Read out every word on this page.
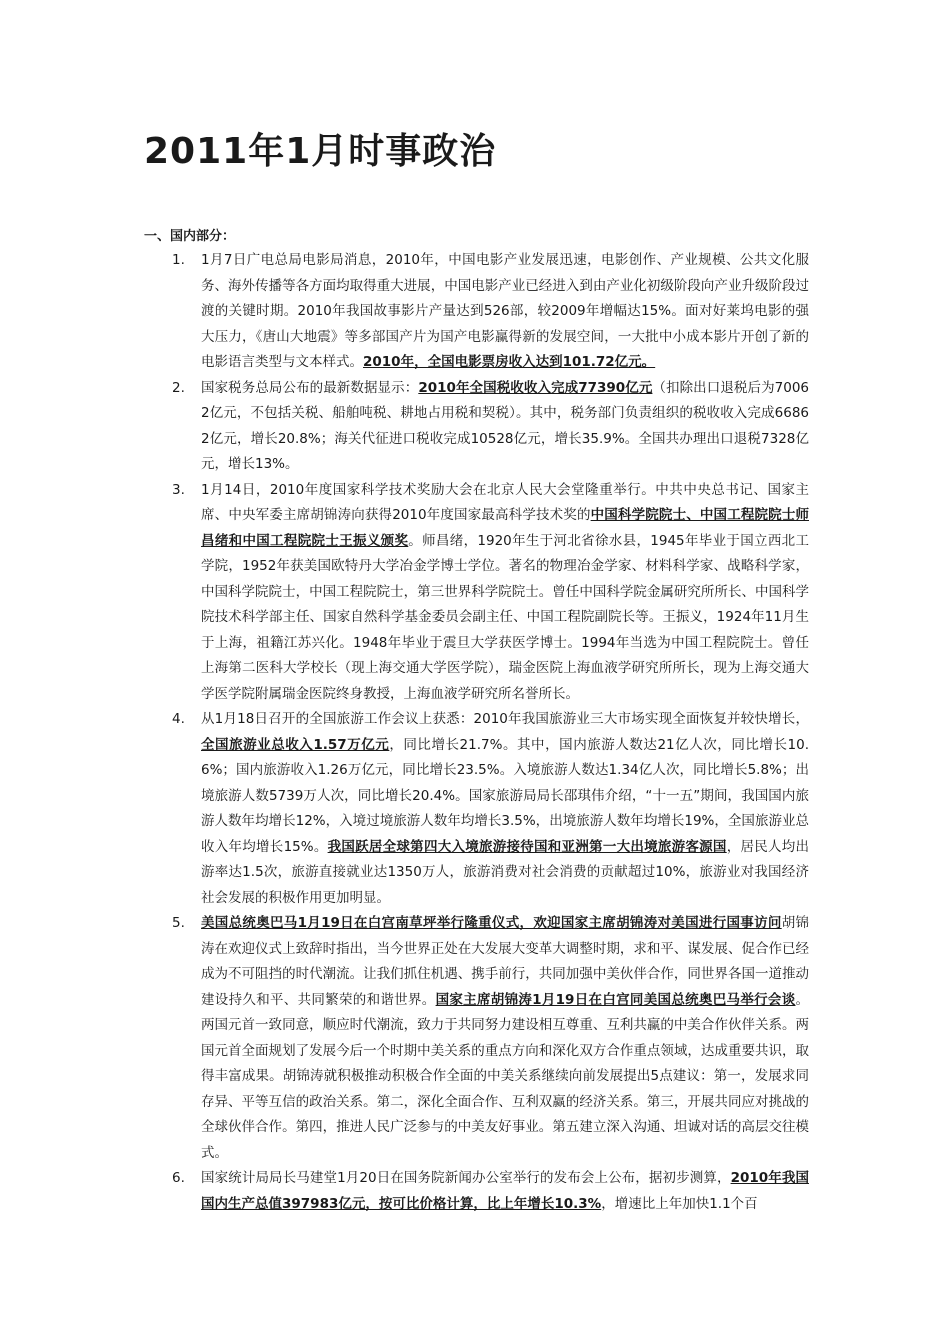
2011年1月时事政治
一、国内部分：
1. 1月7日广电总局电影局消息，2010年，中国电影产业发展迅速，电影创作、产业规模、公共文化服务、海外传播等各方面均取得重大进展，中国电影产业已经进入到由产业化初级阶段向产业升级阶段过渡的关键时期。2010年我国故事影片产量达到526部，较2009年增幅达15%。面对好莱坞电影的强大压力，《唐山大地震》等多部国产片为国产电影赢得新的发展空间，一大批中小成本影片开创了新的电影语言类型与文本样式。2010年，全国电影票房收入达到101.72亿元。
2. 国家税务总局公布的最新数据显示：2010年全国税收收入完成77390亿元（扣除出口退税后为70062亿元，不包括关税、船舶吨税、耕地占用税和契税）。其中，税务部门负责组织的税收收入完成66862亿元，增长20.8%；海关代征进口税收完成10528亿元，增长35.9%。全国共办理出口退税7328亿元，增长13%。
3. 1月14日，2010年度国家科学技术奖励大会在北京人民大会堂隆重举行。中共中央总书记、国家主席、中央军委主席胡锦涛向获得2010年度国家最高科学技术奖的中国科学院院士、中国工程院院士师昌绪和中国工程院院士王振义颁奖。师昌绪，1920年生于河北省徐水县，1945年毕业于国立西北工学院，1952年获美国欧特丹大学冶金学博士学位。著名的物理冶金学家、材料科学家、战略科学家，中国科学院院士，中国工程院院士，第三世界科学院院士。曾任中国科学院金属研究所所长、中国科学院技术科学部主任、国家自然科学基金委员会副主任、中国工程院副院长等。王振义，1924年11月生于上海，祖籍江苏兴化。1948年毕业于震旦大学获医学博士。1994年当选为中国工程院院士。曾任上海第二医科大学校长（现上海交通大学医学院），瑞金医院上海血液学研究所所长，现为上海交通大学医学院附属瑞金医院终身教授，上海血液学研究所名誉所长。
4. 从1月18日召开的全国旅游工作会议上获悉：2010年我国旅游业三大市场实现全面恢复并较快增长，全国旅游业总收入1.57万亿元，同比增长21.7%。其中，国内旅游人数达21亿人次，同比增长10.6%；国内旅游收入1.26万亿元，同比增长23.5%。入境旅游人数达1.34亿人次，同比增长5.8%；出境旅游人数5739万人次，同比增长20.4%。国家旅游局局长邵琪伟介绍，“十一五”期间，我国国内旅游人数年均增长12%，入境过境旅游人数年均增长3.5%，出境旅游人数年均增长19%，全国旅游业总收入年均增长15%。我国跃居全球第四大入境旅游接待国和亚洲第一大出境旅游客源国，居民人均出游率达1.5次，旅游直接就业达1350万人，旅游消费对社会消费的贡献超过10%，旅游业对我国经济社会发展的积极作用更加明显。
5. 美国总统奥巴马1月19日在白宫南草坪举行隆重仪式，欢迎国家主席胡锦涛对美国进行国事访问胡锦涛在欢迎仪式上致辞时指出，当今世界正处在大发展大变革大调整时期，求和平、谋发展、促合作已经成为不可阻挡的时代潮流。让我们抓住机遇、携手前行，共同加强中美伙伴合作，同世界各国一道推动建设持久和平、共同繁荣的和谐世界。国家主席胡锦涛1月19日在白宫同美国总统奥巴马举行会谈。两国元首一致同意，顺应时代潮流，致力于共同努力建设相互尊重、互利共赢的中美合作伙伴关系。两国元首全面规划了发展今后一个时期中美关系的重点方向和深化双方合作重点领域，达成重要共识，取得丰富成果。胡锦涛就积极推动积极合作全面的中美关系继续向前发展提出5点建议：第一，发展求同存异、平等互信的政治关系。第二，深化全面合作、互利双赢的经济关系。第三，开展共同应对挑战的全球伙伴合作。第四，推进人民广泛参与的中美友好事业。第五建立深入沟通、坦诚对话的高层交往模式。
6. 国家统计局局长马建堂1月20日在国务院新闻办公室举行的发布会上公布，据初步测算，2010年我国国内生产总值397983亿元，按可比价格计算，比上年增长10.3%，增速比上年加快1.1个百
